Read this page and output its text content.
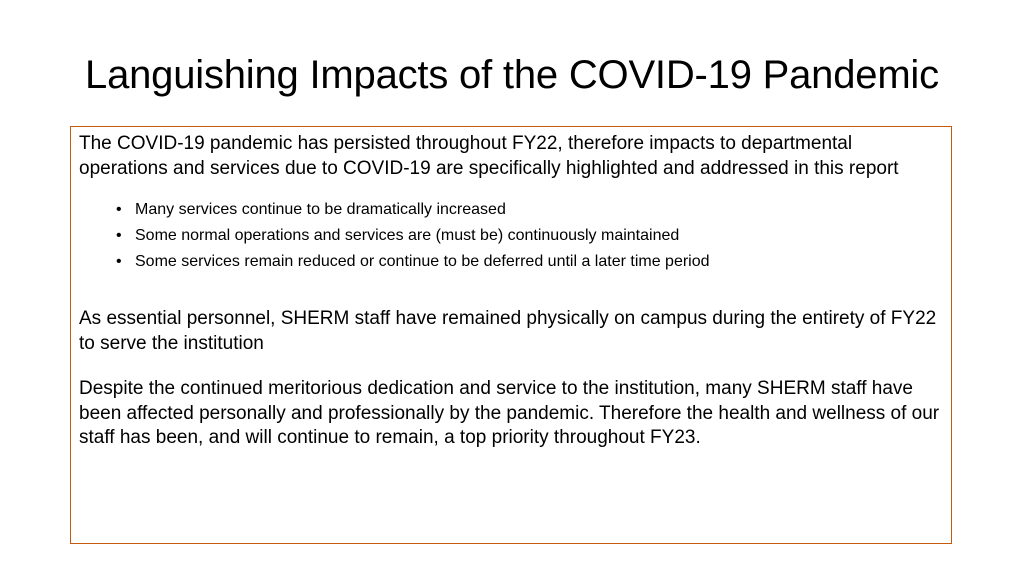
Languishing Impacts of the COVID-19 Pandemic

The COVID-19 pandemic has persisted throughout FY22, therefore impacts to departmental operations and services due to COVID-19 are specifically highlighted and addressed in this report

• Many services continue to be dramatically increased
• Some normal operations and services are (must be) continuously maintained
• Some services remain reduced or continue to be deferred until a later time period

As essential personnel, SHERM staff have remained physically on campus during the entirety of FY22 to serve the institution

Despite the continued meritorious dedication and service to the institution, many SHERM staff have been affected personally and professionally by the pandemic. Therefore the health and wellness of our staff has been, and will continue to remain, a top priority throughout FY23.
